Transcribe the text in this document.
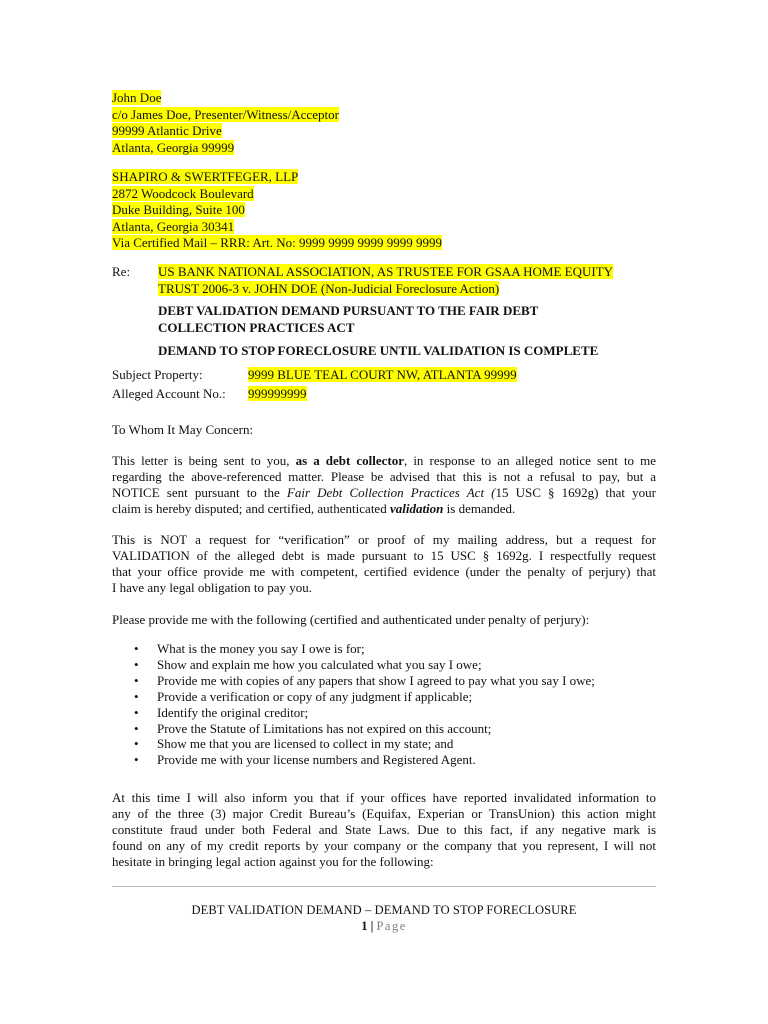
John Doe
c/o James Doe, Presenter/Witness/Acceptor
99999 Atlantic Drive
Atlanta, Georgia 99999
SHAPIRO & SWERTFEGER, LLP
2872 Woodcock Boulevard
Duke Building, Suite 100
Atlanta, Georgia 30341
Via Certified Mail – RRR: Art. No: 9999 9999 9999 9999 9999
Re: US BANK NATIONAL ASSOCIATION, AS TRUSTEE FOR GSAA HOME EQUITY
TRUST 2006-3 v. JOHN DOE (Non-Judicial Foreclosure Action)
DEBT VALIDATION DEMAND PURSUANT TO THE FAIR DEBT
COLLECTION PRACTICES ACT
DEMAND TO STOP FORECLOSURE UNTIL VALIDATION IS COMPLETE
Subject Property:	9999 BLUE TEAL COURT NW, ATLANTA 99999
Alleged Account No.: 999999999
To Whom It May Concern:
This letter is being sent to you, as a debt collector, in response to an alleged notice sent to me
regarding the above-referenced matter. Please be advised that this is not a refusal to pay, but a
NOTICE sent pursuant to the Fair Debt Collection Practices Act (15 USC § 1692g) that your
claim is hereby disputed; and certified, authenticated validation is demanded.
This is NOT a request for “verification” or proof of my mailing address, but a request for
VALIDATION of the alleged debt is made pursuant to 15 USC § 1692g. I respectfully request
that your office provide me with competent, certified evidence (under the penalty of perjury) that
I have any legal obligation to pay you.
Please provide me with the following (certified and authenticated under penalty of perjury):
• What is the money you say I owe is for;
• Show and explain me how you calculated what you say I owe;
• Provide me with copies of any papers that show I agreed to pay what you say I owe;
• Provide a verification or copy of any judgment if applicable;
• Identify the original creditor;
• Prove the Statute of Limitations has not expired on this account;
• Show me that you are licensed to collect in my state; and
• Provide me with your license numbers and Registered Agent.
At this time I will also inform you that if your offices have reported invalidated information to
any of the three (3) major Credit Bureau’s (Equifax, Experian or TransUnion) this action might
constitute fraud under both Federal and State Laws. Due to this fact, if any negative mark is
found on any of my credit reports by your company or the company that you represent, I will not
hesitate in bringing legal action against you for the following:
DEBT VALIDATION DEMAND – DEMAND TO STOP FORECLOSURE
1 | Page
